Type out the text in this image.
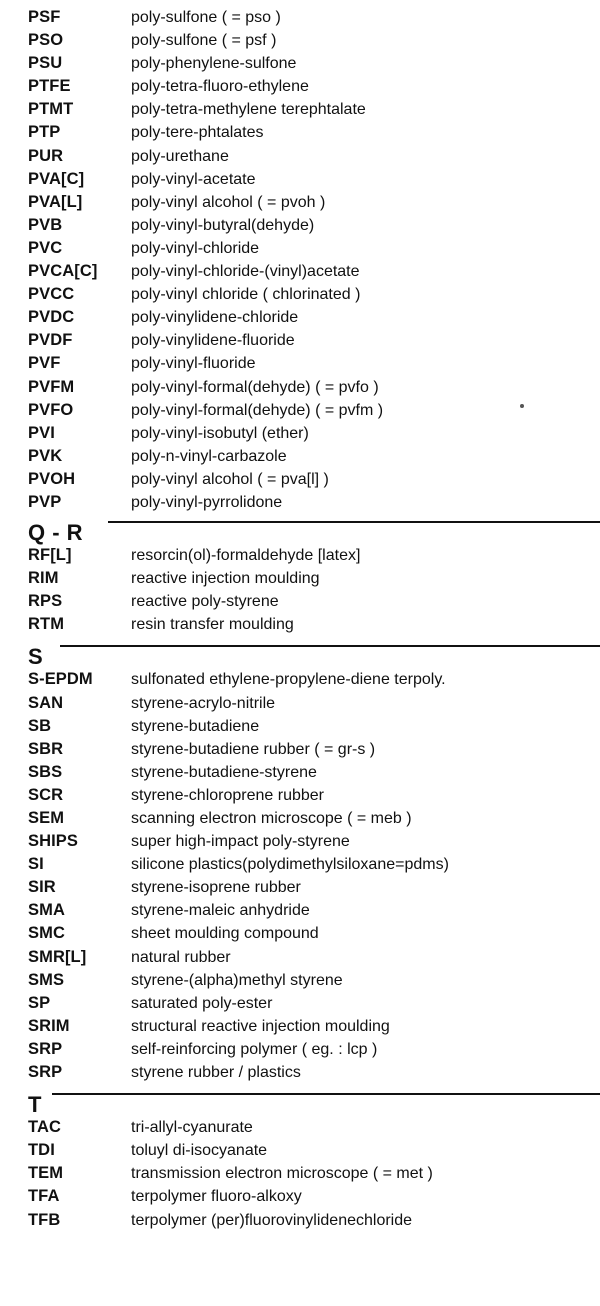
PSF	poly-sulfone ( = pso )
PSO	poly-sulfone ( = psf )
PSU	poly-phenylene-sulfone
PTFE	poly-tetra-fluoro-ethylene
PTMT	poly-tetra-methylene terephtalate
PTP	poly-tere-phtalates
PUR	poly-urethane
PVA[C]	poly-vinyl-acetate
PVA[L]	poly-vinyl alcohol ( = pvoh )
PVB	poly-vinyl-butyral(dehyde)
PVC	poly-vinyl-chloride
PVCA[C]	poly-vinyl-chloride-(vinyl)acetate
PVCC	poly-vinyl chloride ( chlorinated )
PVDC	poly-vinylidene-chloride
PVDF	poly-vinylidene-fluoride
PVF	poly-vinyl-fluoride
PVFM	poly-vinyl-formal(dehyde) ( = pvfo )
PVFO	poly-vinyl-formal(dehyde) ( = pvfm )
PVI	poly-vinyl-isobutyl (ether)
PVK	poly-n-vinyl-carbazole
PVOH	poly-vinyl alcohol ( = pva[l] )
PVP	poly-vinyl-pyrrolidone
Q - R
RF[L]	resorcin(ol)-formaldehyde [latex]
RIM	reactive injection moulding
RPS	reactive poly-styrene
RTM	resin transfer moulding
S
S-EPDM	sulfonated ethylene-propylene-diene terpoly.
SAN	styrene-acrylo-nitrile
SB	styrene-butadiene
SBR	styrene-butadiene rubber ( = gr-s )
SBS	styrene-butadiene-styrene
SCR	styrene-chloroprene rubber
SEM	scanning electron microscope ( = meb )
SHIPS	super high-impact poly-styrene
SI	silicone plastics(polydimethylsiloxane=pdms)
SIR	styrene-isoprene rubber
SMA	styrene-maleic anhydride
SMC	sheet moulding compound
SMR[L]	natural rubber
SMS	styrene-(alpha)methyl styrene
SP	saturated poly-ester
SRIM	structural reactive injection moulding
SRP	self-reinforcing polymer ( eg. : lcp )
SRP	styrene rubber / plastics
T
TAC	tri-allyl-cyanurate
TDI	toluyl di-isocyanate
TEM	transmission electron microscope ( = met )
TFA	terpolymer fluoro-alkoxy
TFB	terpolymer (per)fluorovinylidenechloride
